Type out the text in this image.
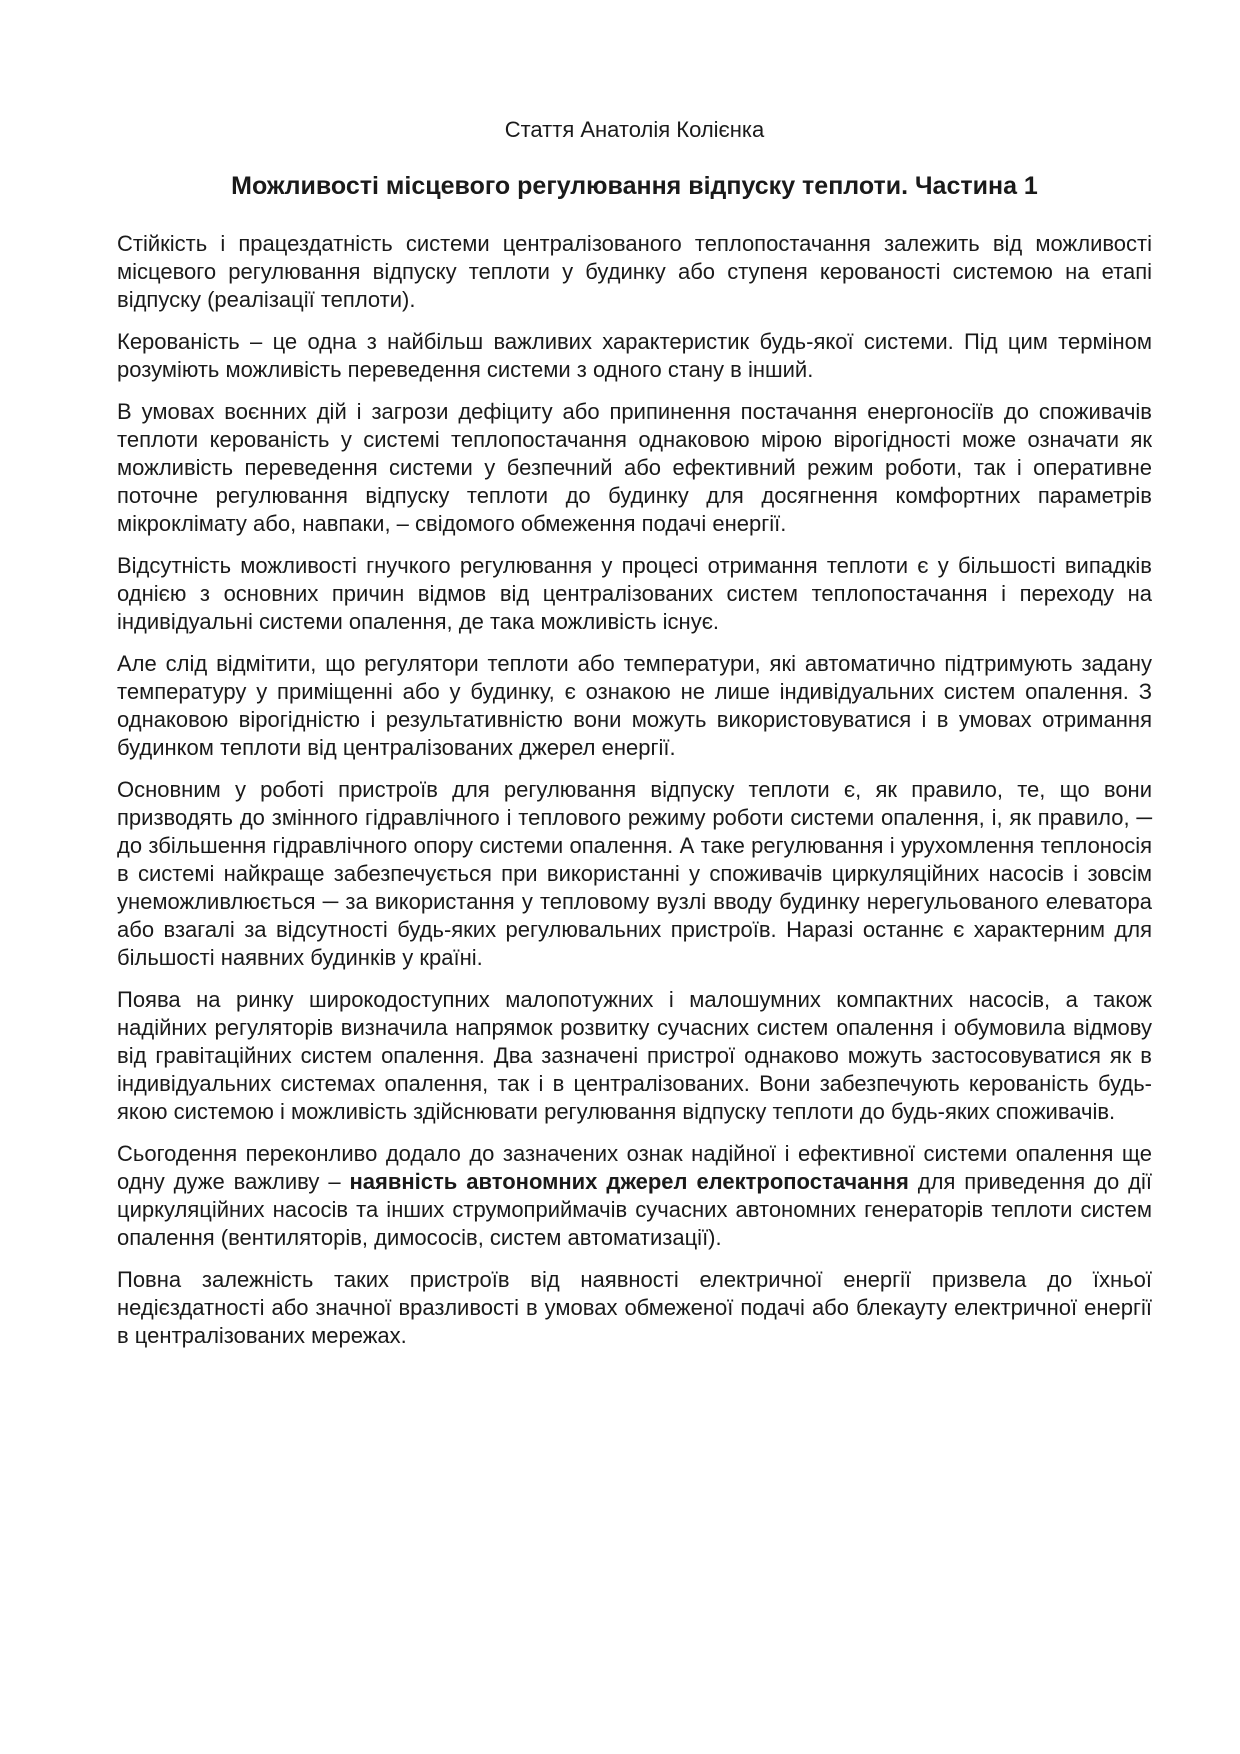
Стаття Анатолія Колієнка
Можливості місцевого регулювання відпуску теплоти. Частина 1

Стійкість і працездатність системи централізованого теплопостачання залежить від можливості місцевого регулювання відпуску теплоти у будинку або ступеня керованості системою на етапі відпуску (реалізації теплоти).

Керованість – це одна з найбільш важливих характеристик будь-якої системи. Під цим терміном розуміють можливість переведення системи з одного стану в інший.

В умовах воєнних дій і загрози дефіциту або припинення постачання енергоносіїв до споживачів теплоти керованість у системі теплопостачання однаковою мірою вірогідності може означати як можливість переведення системи у безпечний або ефективний режим роботи, так і оперативне поточне регулювання відпуску теплоти до будинку для досягнення комфортних параметрів мікроклімату або, навпаки, – свідомого обмеження подачі енергії.

Відсутність можливості гнучкого регулювання у процесі отримання теплоти є у більшості випадків однією з основних причин відмов від централізованих систем теплопостачання і переходу на індивідуальні системи опалення, де така можливість існує.

Але слід відмітити, що регулятори теплоти або температури, які автоматично підтримують задану температуру у приміщенні або у будинку, є ознакою не лише індивідуальних систем опалення. З однаковою вірогідністю і результативністю вони можуть використовуватися і в умовах отримання будинком теплоти від централізованих джерел енергії.

Основним у роботі пристроїв для регулювання відпуску теплоти є, як правило, те, що вони призводять до змінного гідравлічного і теплового режиму роботи системи опалення, і, як правило, ─ до збільшення гідравлічного опору системи опалення. А таке регулювання і урухомлення теплоносія в системі найкраще забезпечується при використанні у споживачів циркуляційних насосів і зовсім унеможливлюється ─ за використання у тепловому вузлі вводу будинку нерегульованого елеватора або взагалі за відсутності будь-яких регулювальних пристроїв. Наразі останнє є характерним для більшості наявних будинків у країні.

Поява на ринку широкодоступних малопотужних і малошумних компактних насосів, а також надійних регуляторів визначила напрямок розвитку сучасних систем опалення і обумовила відмову від гравітаційних систем опалення. Два зазначені пристрої однаково можуть застосовуватися як в індивідуальних системах опалення, так і в централізованих. Вони забезпечують керованість будь-якою системою і можливість здійснювати регулювання відпуску теплоти до будь-яких споживачів.

Сьогодення переконливо додало до зазначених ознак надійної і ефективної системи опалення ще одну дуже важливу – наявність автономних джерел електропостачання для приведення до дії циркуляційних насосів та інших струмоприймачів сучасних автономних генераторів теплоти систем опалення (вентиляторів, димососів, систем автоматизації).

Повна залежність таких пристроїв від наявності електричної енергії призвела до їхньої недієздатності або значної вразливості в умовах обмеженої подачі або блекауту електричної енергії в централізованих мережах.
